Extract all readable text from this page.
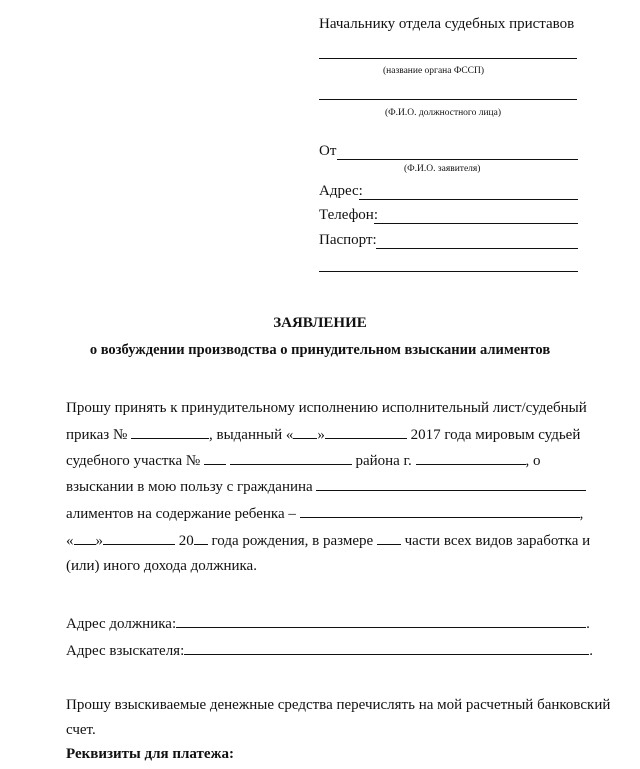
Начальнику отдела судебных приставов
(название органа ФССП)
(Ф.И.О. должностного лица)
От
(Ф.И.О. заявителя)
Адрес:
Телефон:
Паспорт:
ЗАЯВЛЕНИЕ
о возбуждении производства о принудительном взыскании алиментов
Прошу принять к принудительному исполнению исполнительный лист/судебный
приказ №	, выданный « »	2017 года мировым судьей
судебного участка №	района г.	, о
взыскании в мою пользу с гражданина
алиментов на содержание ребенка –	,
« »	20 года рождения, в размере части всех видов заработка и
(или) иного дохода должника.
Адрес должника:	.
Адрес взыскателя:	.
Прошу взыскиваемые денежные средства перечислять на мой расчетный банковский
счет.
Реквизиты для платежа:
